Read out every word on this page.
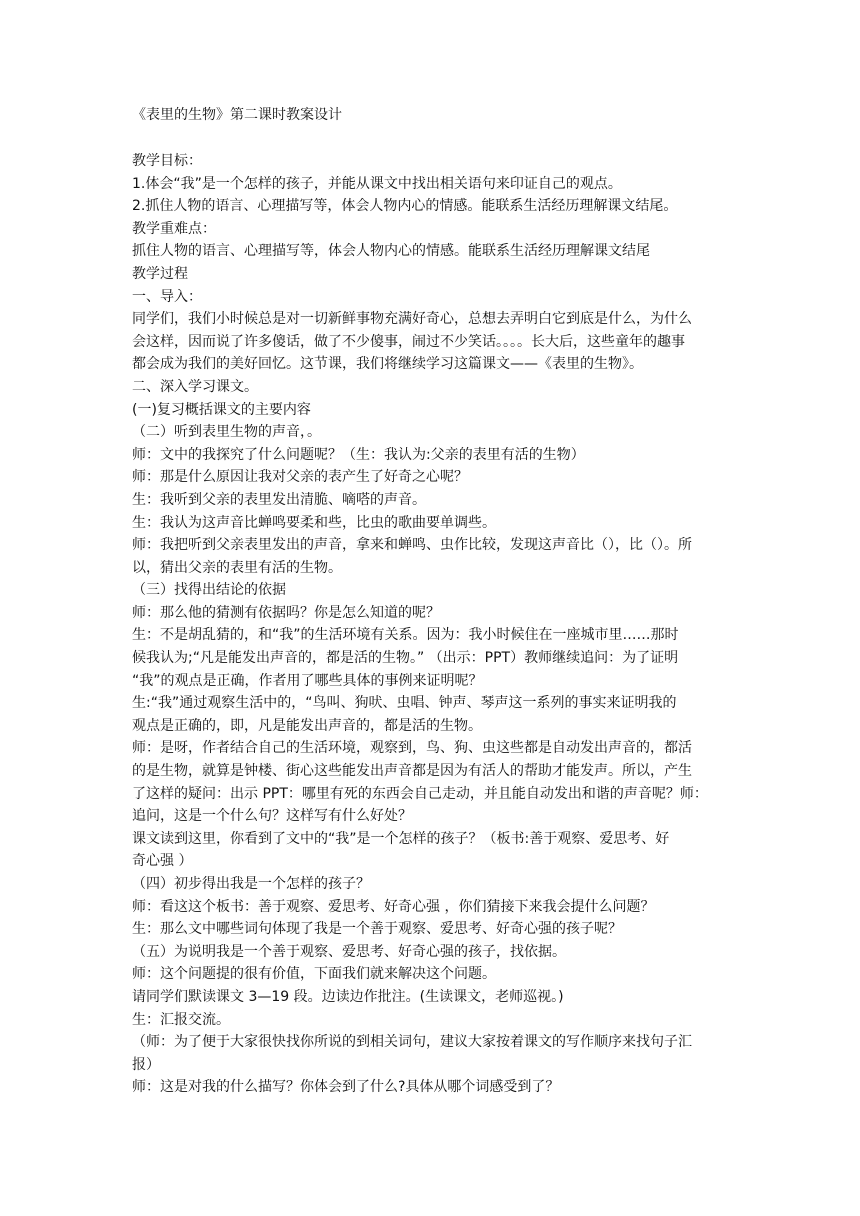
《表里的生物》第二课时教案设计

教学目标：

1.体会“我”是一个怎样的孩子，并能从课文中找出相关语句来印证自己的观点。

2.抓住人物的语言、心理描写等，体会人物内心的情感。能联系生活经历理解课文结尾。

教学重难点：

抓住人物的语言、心理描写等，体会人物内心的情感。能联系生活经历理解课文结尾

教学过程

一、导入：

同学们，我们小时候总是对一切新鲜事物充满好奇心，总想去弄明白它到底是什么，为什么

会这样，因而说了许多傻话，做了不少傻事，闹过不少笑话。。。。长大后，这些童年的趣事

都会成为我们的美好回忆。这节课，我们将继续学习这篇课文——《表里的生物》。

二、深入学习课文。

(一)复习概括课文的主要内容

（二）听到表里生物的声音，。

师：文中的我探究了什么问题呢？（生：我认为:父亲的表里有活的生物）

师：那是什么原因让我对父亲的表产生了好奇之心呢？

生：我听到父亲的表里发出清脆、嘀嗒的声音。

生：我认为这声音比蝉鸣要柔和些，比虫的歌曲要单调些。

师：我把听到父亲表里发出的声音，拿来和蝉鸣、虫作比较，发现这声音比（），比（）。所

以，猜出父亲的表里有活的生物。

（三）找得出结论的依据

师：那么他的猜测有依据吗？你是怎么知道的呢？

生：不是胡乱猜的，和“我”的生活环境有关系。因为：我小时候住在一座城市里……那时

候我认为;“凡是能发出声音的，都是活的生物。” （出示：PPT）教师继续追问：为了证明

“我”的观点是正确，作者用了哪些具体的事例来证明呢？

生:“我”通过观察生活中的，“鸟叫、狗吠、虫唱、钟声、琴声这一系列的事实来证明我的

观点是正确的，即，凡是能发出声音的，都是活的生物。

师：是呀，作者结合自己的生活环境，观察到，鸟、狗、虫这些都是自动发出声音的，都活

的是生物，就算是钟楼、街心这些能发出声音都是因为有活人的帮助才能发声。所以，产生

了这样的疑问：出示 PPT：哪里有死的东西会自己走动，并且能自动发出和谐的声音呢？师：

追问，这是一个什么句？这样写有什么好处？

课文读到这里，你看到了文中的“我”是一个怎样的孩子？（板书:善于观察、爱思考、好

奇心强 ）

（四）初步得出我是一个怎样的孩子？

师：看这这个板书：善于观察、爱思考、好奇心强 ，你们猜接下来我会提什么问题？

生：那么文中哪些词句体现了我是一个善于观察、爱思考、好奇心强的孩子呢？

（五）为说明我是一个善于观察、爱思考、好奇心强的孩子，找依据。

师：这个问题提的很有价值，下面我们就来解决这个问题。

请同学们默读课文 3—19 段。边读边作批注。(生读课文，老师巡视。)

生：汇报交流。

（师：为了便于大家很快找你所说的到相关词句，建议大家按着课文的写作顺序来找句子汇

报）

师：这是对我的什么描写？你体会到了什么?具体从哪个词感受到了？
